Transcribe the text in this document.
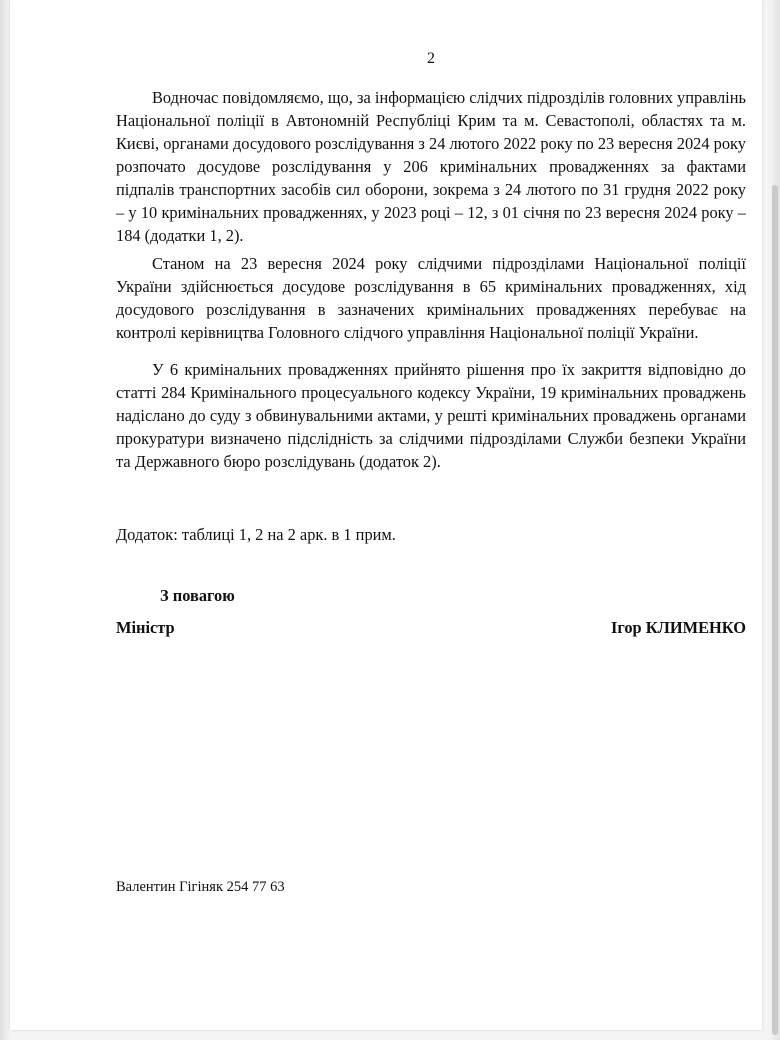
2

Водночас повідомляємо, що, за інформацією слідчих підрозділів головних управлінь Національної поліції в Автономній Республіці Крим та м. Севастополі, областях та м. Києві, органами досудового розслідування з 24 лютого 2022 року по 23 вересня 2024 року розпочато досудове розслідування у 206 кримінальних провадженнях за фактами підпалів транспортних засобів сил оборони, зокрема з 24 лютого по 31 грудня 2022 року – у 10 кримінальних провадженнях, у 2023 році – 12, з 01 січня по 23 вересня 2024 року – 184 (додатки 1, 2).

Станом на 23 вересня 2024 року слідчими підрозділами Національної поліції України здійснюється досудове розслідування в 65 кримінальних провадженнях, хід досудового розслідування в зазначених кримінальних провадженнях перебуває на контролі керівництва Головного слідчого управління Національної поліції України.

У 6 кримінальних провадженнях прийнято рішення про їх закриття відповідно до статті 284 Кримінального процесуального кодексу України, 19 кримінальних проваджень надіслано до суду з обвинувальними актами, у решті кримінальних проваджень органами прокуратури визначено підслідність за слідчими підрозділами Служби безпеки України та Державного бюро розслідувань (додаток 2).

Додаток: таблиці 1, 2 на 2 арк. в 1 прим.
З повагою
Міністр	Ігор КЛИМЕНКО
Валентин Гігіняк 254 77 63
